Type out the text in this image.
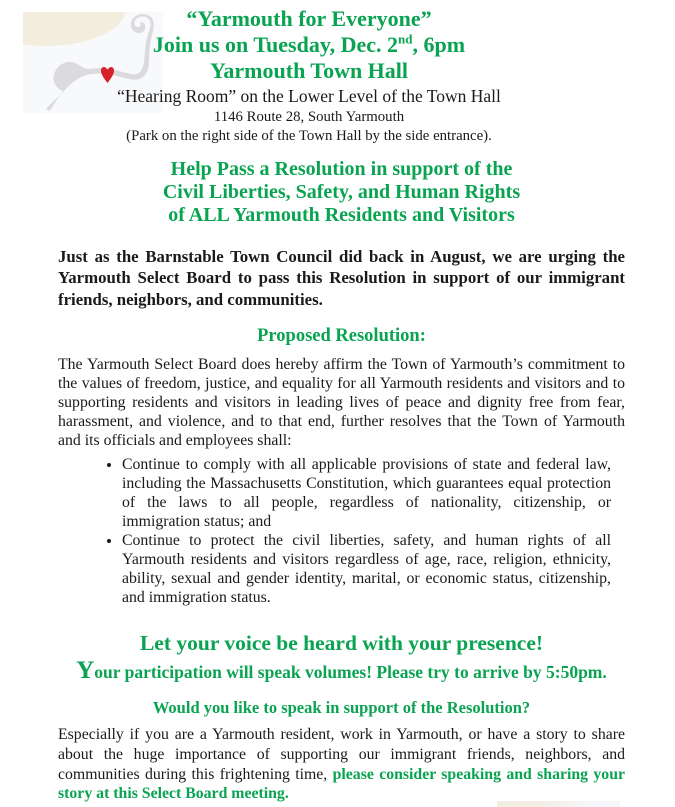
“Yarmouth for Everyone”
Join us on Tuesday, Dec. 2nd, 6pm
Yarmouth Town Hall
“Hearing Room” on the Lower Level of the Town Hall
1146 Route 28, South Yarmouth
(Park on the right side of the Town Hall by the side entrance).
Help Pass a Resolution in support of the
Civil Liberties, Safety, and Human Rights
of ALL Yarmouth Residents and Visitors

Just as the Barnstable Town Council did back in August, we are urging the Yarmouth Select Board to pass this Resolution in support of our immigrant friends, neighbors, and communities.

Proposed Resolution:

The Yarmouth Select Board does hereby affirm the Town of Yarmouth’s commitment to the values of freedom, justice, and equality for all Yarmouth residents and visitors and to supporting residents and visitors in leading lives of peace and dignity free from fear, harassment, and violence, and to that end, further resolves that the Town of Yarmouth and its officials and employees shall:

• Continue to comply with all applicable provisions of state and federal law, including the Massachusetts Constitution, which guarantees equal protection of the laws to all people, regardless of nationality, citizenship, or immigration status; and
• Continue to protect the civil liberties, safety, and human rights of all Yarmouth residents and visitors regardless of age, race, religion, ethnicity, ability, sexual and gender identity, marital, or economic status, citizenship, and immigration status.
Let your voice be heard with your presence!
Your participation will speak volumes! Please try to arrive by 5:50pm.
Would you like to speak in support of the Resolution?

Especially if you are a Yarmouth resident, work in Yarmouth, or have a story to share about the huge importance of supporting our immigrant friends, neighbors, and communities during this frightening time, please consider speaking and sharing your story at this Select Board meeting.
